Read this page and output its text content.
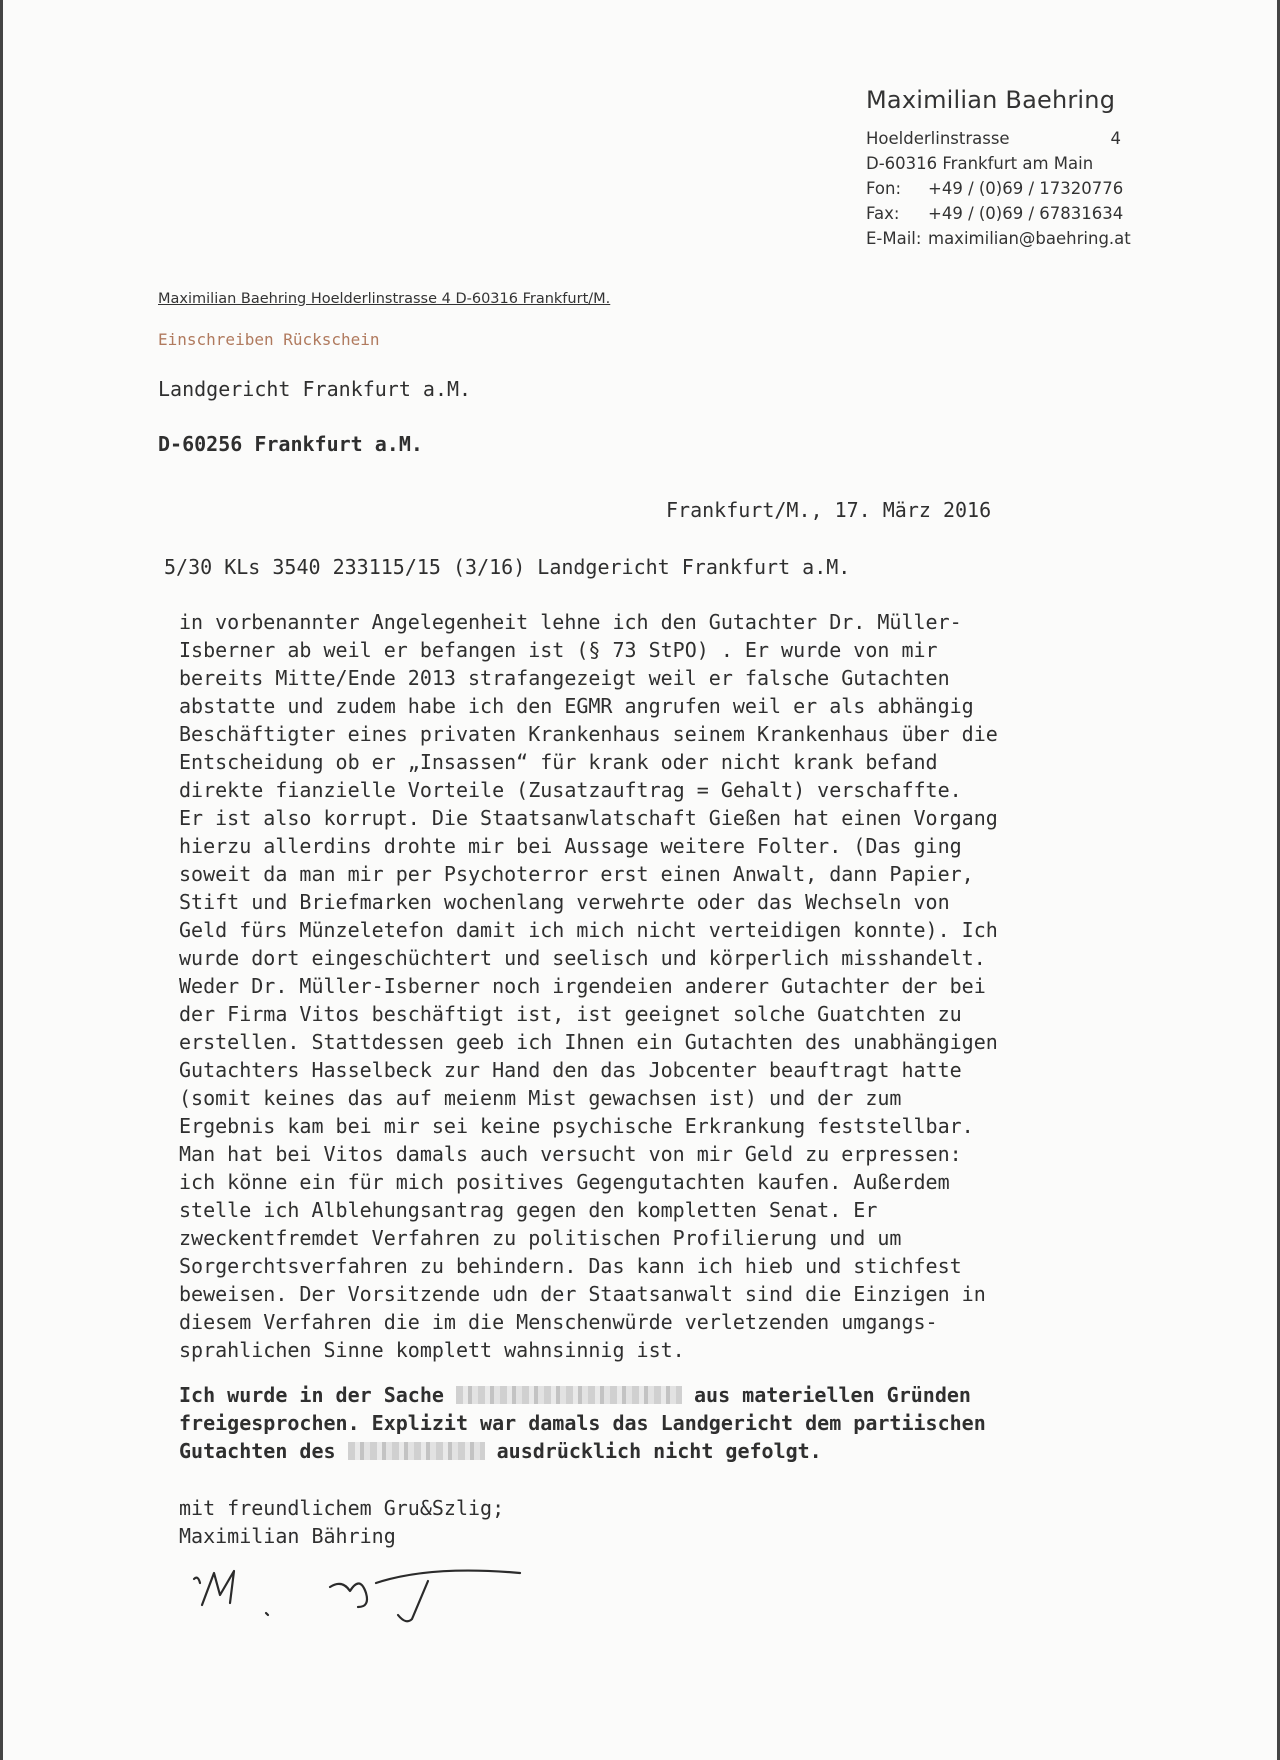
Maximilian Baehring
Hoelderlinstrasse	4
D-60316 Frankfurt am Main
Fon: +49 / (0)69 / 17320776
Fax: +49 / (0)69 / 67831634
E-Mail: maximilian@baehring.at
Maximilian Baehring Hoelderlinstrasse 4 D-60316 Frankfurt/M.
Einschreiben Rückschein
Landgericht Frankfurt a.M.
D-60256 Frankfurt a.M.
Frankfurt/M., 17. März 2016
5/30 KLs 3540 233115/15 (3/16) Landgericht Frankfurt a.M.
in vorbenannter Angelegenheit lehne ich den Gutachter Dr. Müller-
Isberner ab weil er befangen ist (§ 73 StPO) . Er wurde von mir
bereits Mitte/Ende 2013 strafangezeigt weil er falsche Gutachten
abstatte und zudem habe ich den EGMR angrufen weil er als abhängig
Beschäftigter eines privaten Krankenhaus seinem Krankenhaus über die
Entscheidung ob er „Insassen“ für krank oder nicht krank befand
direkte fianzielle Vorteile (Zusatzauftrag = Gehalt) verschaffte.
Er ist also korrupt. Die Staatsanwlatschaft Gießen hat einen Vorgang
hierzu allerdins drohte mir bei Aussage weitere Folter. (Das ging
soweit da man mir per Psychoterror erst einen Anwalt, dann Papier,
Stift und Briefmarken wochenlang verwehrte oder das Wechseln von
Geld fürs Münzeletefon damit ich mich nicht verteidigen konnte). Ich
wurde dort eingeschüchtert und seelisch und körperlich misshandelt.
Weder Dr. Müller-Isberner noch irgendeien anderer Gutachter der bei
der Firma Vitos beschäftigt ist, ist geeignet solche Guatchten zu
erstellen. Stattdessen geeb ich Ihnen ein Gutachten des unabhängigen
Gutachters Hasselbeck zur Hand den das Jobcenter beauftragt hatte
(somit keines das auf meienm Mist gewachsen ist) und der zum
Ergebnis kam bei mir sei keine psychische Erkrankung feststellbar.
Man hat bei Vitos damals auch versucht von mir Geld zu erpressen:
ich könne ein für mich positives Gegengutachten kaufen. Außerdem
stelle ich Alblehungsantrag gegen den kompletten Senat. Er
zweckentfremdet Verfahren zu politischen Profilierung und um
Sorgerchtsverfahren zu behindern. Das kann ich hieb und stichfest
beweisen. Der Vorsitzende udn der Staatsanwalt sind die Einzigen in
diesem Verfahren die im die Menschenwürde verletzenden umgangs-
sprahlichen Sinne komplett wahnsinnig ist.
Ich wurde in der Sache	aus materiellen Gründen
freigesprochen. Explizit war damals das Landgericht dem partiischen
Gutachten des	ausdrücklich nicht gefolgt.
mit freundlichem Gru&Szlig;
Maximilian Bähring
